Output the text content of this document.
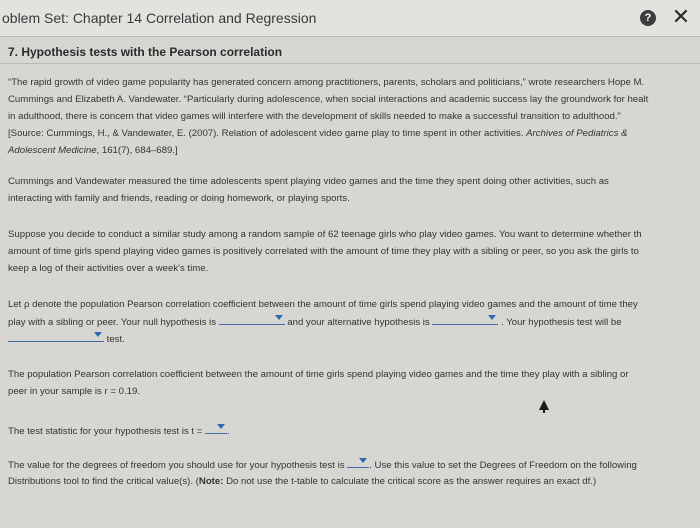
oblem Set: Chapter 14 Correlation and Regression	? ✕
7. Hypothesis tests with the Pearson correlation
“The rapid growth of video game popularity has generated concern among practitioners, parents, scholars and politicians,” wrote researchers Hope M.
Cummings and Elizabeth A. Vandewater. “Particularly during adolescence, when social interactions and academic success lay the groundwork for healt
in adulthood, there is concern that video games will interfere with the development of skills needed to make a successful transition to adulthood.”
[Source: Cummings, H., & Vandewater, E. (2007). Relation of adolescent video game play to time spent in other activities. Archives of Pediatrics &
Adolescent Medicine, 161(7), 684–689.]
Cummings and Vandewater measured the time adolescents spent playing video games and the time they spent doing other activities, such as
interacting with family and friends, reading or doing homework, or playing sports.
Suppose you decide to conduct a similar study among a random sample of 62 teenage girls who play video games. You want to determine whether th
amount of time girls spend playing video games is positively correlated with the amount of time they play with a sibling or peer, so you ask the girls to
keep a log of their activities over a week's time.
Let ρ denote the population Pearson correlation coefficient between the amount of time girls spend playing video games and the amount of time they
play with a sibling or peer. Your null hypothesis is	and your alternative hypothesis is	. Your hypothesis test will be
test.
The population Pearson correlation coefficient between the amount of time girls spend playing video games and the time they play with a sibling or
peer in your sample is r = 0.19.
The test statistic for your hypothesis test is t =	.
The value for the degrees of freedom you should use for your hypothesis test is	. Use this value to set the Degrees of Freedom on the following
Distributions tool to find the critical value(s). (Note: Do not use the t-table to calculate the critical score as the answer requires an exact df.)
